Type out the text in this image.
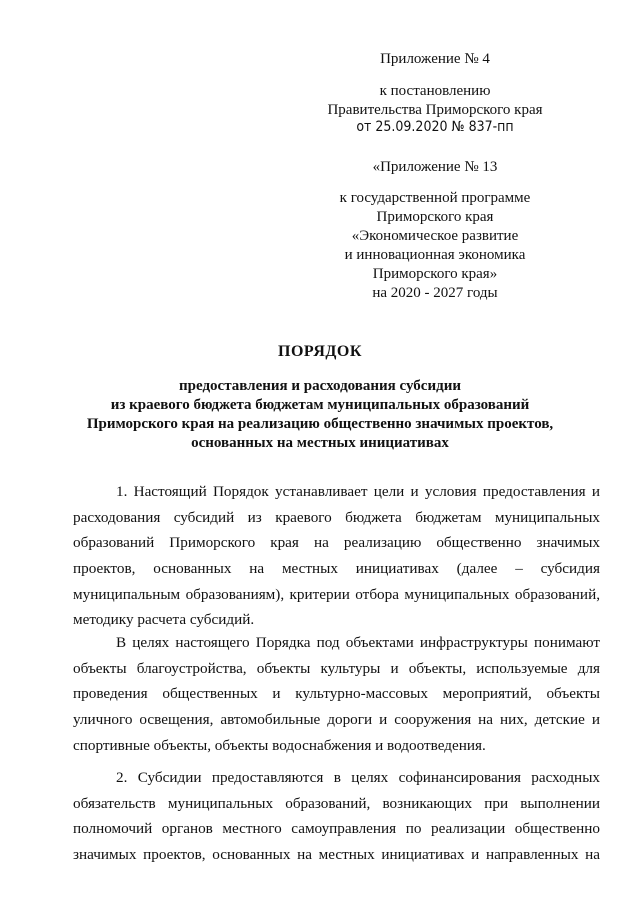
Приложение № 4
к постановлению
Правительства Приморского края
от 25.09.2020 № 837-пп
«Приложение № 13
к государственной программе
Приморского края
«Экономическое развитие
и инновационная экономика
Приморского края»
на 2020 - 2027 годы
ПОРЯДОК
предоставления и расходования субсидии
из краевого бюджета бюджетам муниципальных образований
Приморского края на реализацию общественно значимых проектов,
основанных на местных инициативах
1. Настоящий Порядок устанавливает цели и условия предоставления и
расходования субсидий из краевого бюджета бюджетам муниципальных
образований Приморского края на реализацию общественно значимых
проектов, основанных на местных инициативах (далее – субсидия
муниципальным образованиям), критерии отбора муниципальных образований,
методику расчета субсидий.
В целях настоящего Порядка под объектами инфраструктуры понимают
объекты благоустройства, объекты культуры и объекты, используемые для
проведения общественных и культурно-массовых мероприятий, объекты
уличного освещения, автомобильные дороги и сооружения на них, детские и
спортивные объекты, объекты водоснабжения и водоотведения.
2. Субсидии предоставляются в целях софинансирования расходных
обязательств муниципальных образований, возникающих при выполнении
полномочий органов местного самоуправления по реализации общественно
значимых проектов, основанных на местных инициативах и направленных на
